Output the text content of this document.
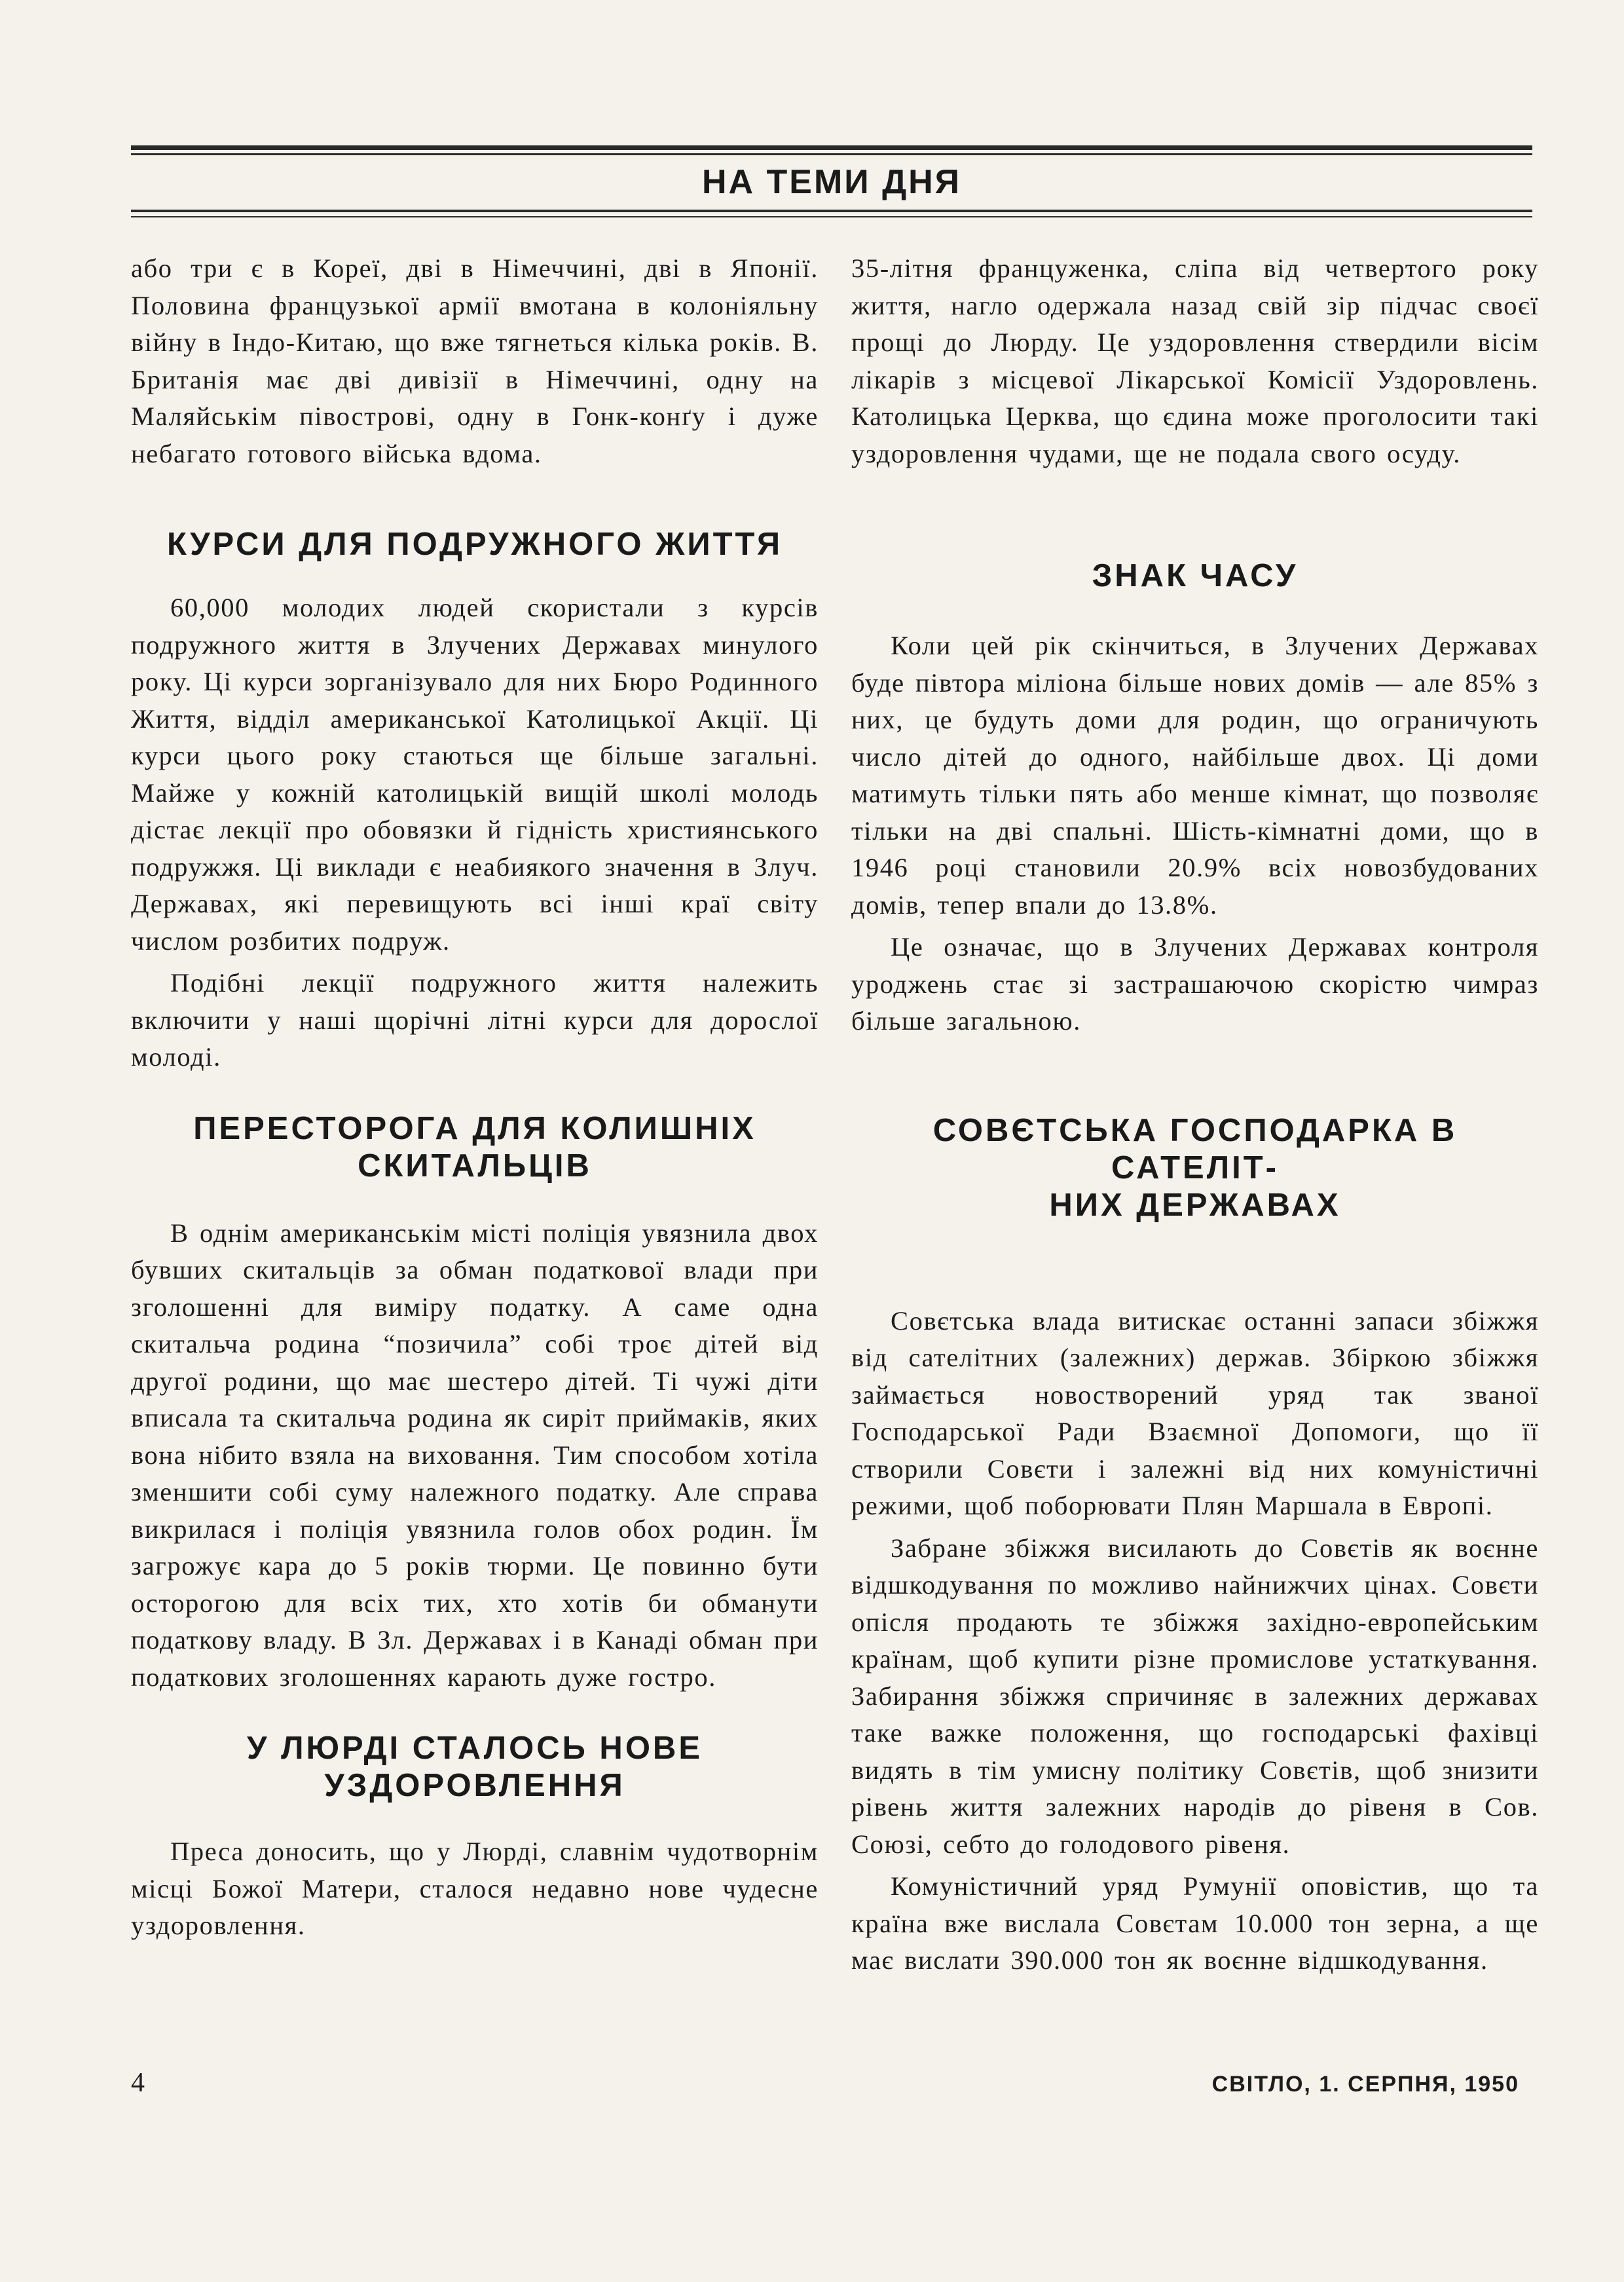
НА ТЕМИ ДНЯ

або три є в Кореї, дві в Німеччині, дві в Японії. Половина французької армії вмотана в колоніяльну війну в Індо-Китаю, що вже тягнеться кілька років. В. Британія має дві дивізії в Німеччині, одну на Маляйськім півострові, одну в Гонк-конґу і дуже небагато готового війська вдома.

КУРСИ ДЛЯ ПОДРУЖНОГО ЖИТТЯ

60,000 молодих людей скористали з курсів подружного життя в Злучених Державах минулого року. Ці курси зорганізувало для них Бюро Родинного Життя, відділ американської Католицької Акції. Ці курси цього року стаються ще більше загальні. Майже у кожній католицькій вищій школі молодь дістає лекції про обовязки й гідність християнського подружжя. Ці виклади є неабиякого значення в Злуч. Державах, які перевищують всі інші краї світу числом розбитих подруж.

Подібні лекції подружного життя належить включити у наші щорічні літні курси для дорослої молоді.

ПЕРЕСТОРОГА ДЛЯ КОЛИШНІХ
СКИТАЛЬЦІВ

В однім американськім місті поліція увязнила двох бувших скитальців за обман податкової влади при зголошенні для виміру податку. А саме одна скитальча родина “позичила” собі троє дітей від другої родини, що має шестеро дітей. Ті чужі діти вписала та скитальча родина як сиріт приймаків, яких вона нібито взяла на виховання. Тим способом хотіла зменшити собі суму належного податку. Але справа викрилася і поліція увязнила голов обох родин. Їм загрожує кара до 5 років тюрми. Це повинно бути осторогою для всіх тих, хто хотів би обманути податкову владу. В Зл. Державах і в Канаді обман при податкових зголошеннях карають дуже гостро.

У ЛЮРДІ СТАЛОСЬ НОВЕ
УЗДОРОВЛЕННЯ

Преса доносить, що у Люрді, славнім чудотворнім місці Божої Матери, сталося недавно нове чудесне уздоровлення.

35-літня француженка, сліпа від четвертого року життя, нагло одержала назад свій зір підчас своєї прощі до Люрду. Це уздоровлення ствердили вісім лікарів з місцевої Лікарської Комісії Уздоровлень. Католицька Церква, що єдина може проголосити такі уздоровлення чудами, ще не подала свого осуду.

ЗНАК ЧАСУ

Коли цей рік скінчиться, в Злучених Державах буде півтора міліона більше нових домів — але 85% з них, це будуть доми для родин, що ограничують число дітей до одного, найбільше двох. Ці доми матимуть тільки пять або менше кімнат, що позволяє тільки на дві спальні. Шість-кімнатні доми, що в 1946 році становили 20.9% всіх новозбудованих домів, тепер впали до 13.8%.

Це означає, що в Злучених Державах контроля уроджень стає зі застрашаючою скорістю чимраз більше загальною.

СОВЄТСЬКА ГОСПОДАРКА В САТЕЛІТ-
НИХ ДЕРЖАВАХ

Совєтська влада витискає останні запаси збіжжя від сателітних (залежних) держав. Збіркою збіжжя займається новостворений уряд так званої Господарської Ради Взаємної Допомоги, що її створили Совєти і залежні від них комуністичні режими, щоб поборювати Плян Маршала в Европі.

Забране збіжжя висилають до Совєтів як воєнне відшкодування по можливо найнижчих цінах. Совєти опісля продають те збіжжя західно-европейським країнам, щоб купити різне промислове устаткування. Забирання збіжжя спричиняє в залежних державах таке важке положення, що господарські фахівці видять в тім умисну політику Совєтів, щоб знизити рівень життя залежних народів до рівеня в Сов. Союзі, себто до голодового рівеня.

Комуністичний уряд Румунії оповістив, що та країна вже вислала Совєтам 10.000 тон зерна, а ще має вислати 390.000 тон як воєнне відшкодування.

4	СВІТЛО, 1. СЕРПНЯ, 1950
